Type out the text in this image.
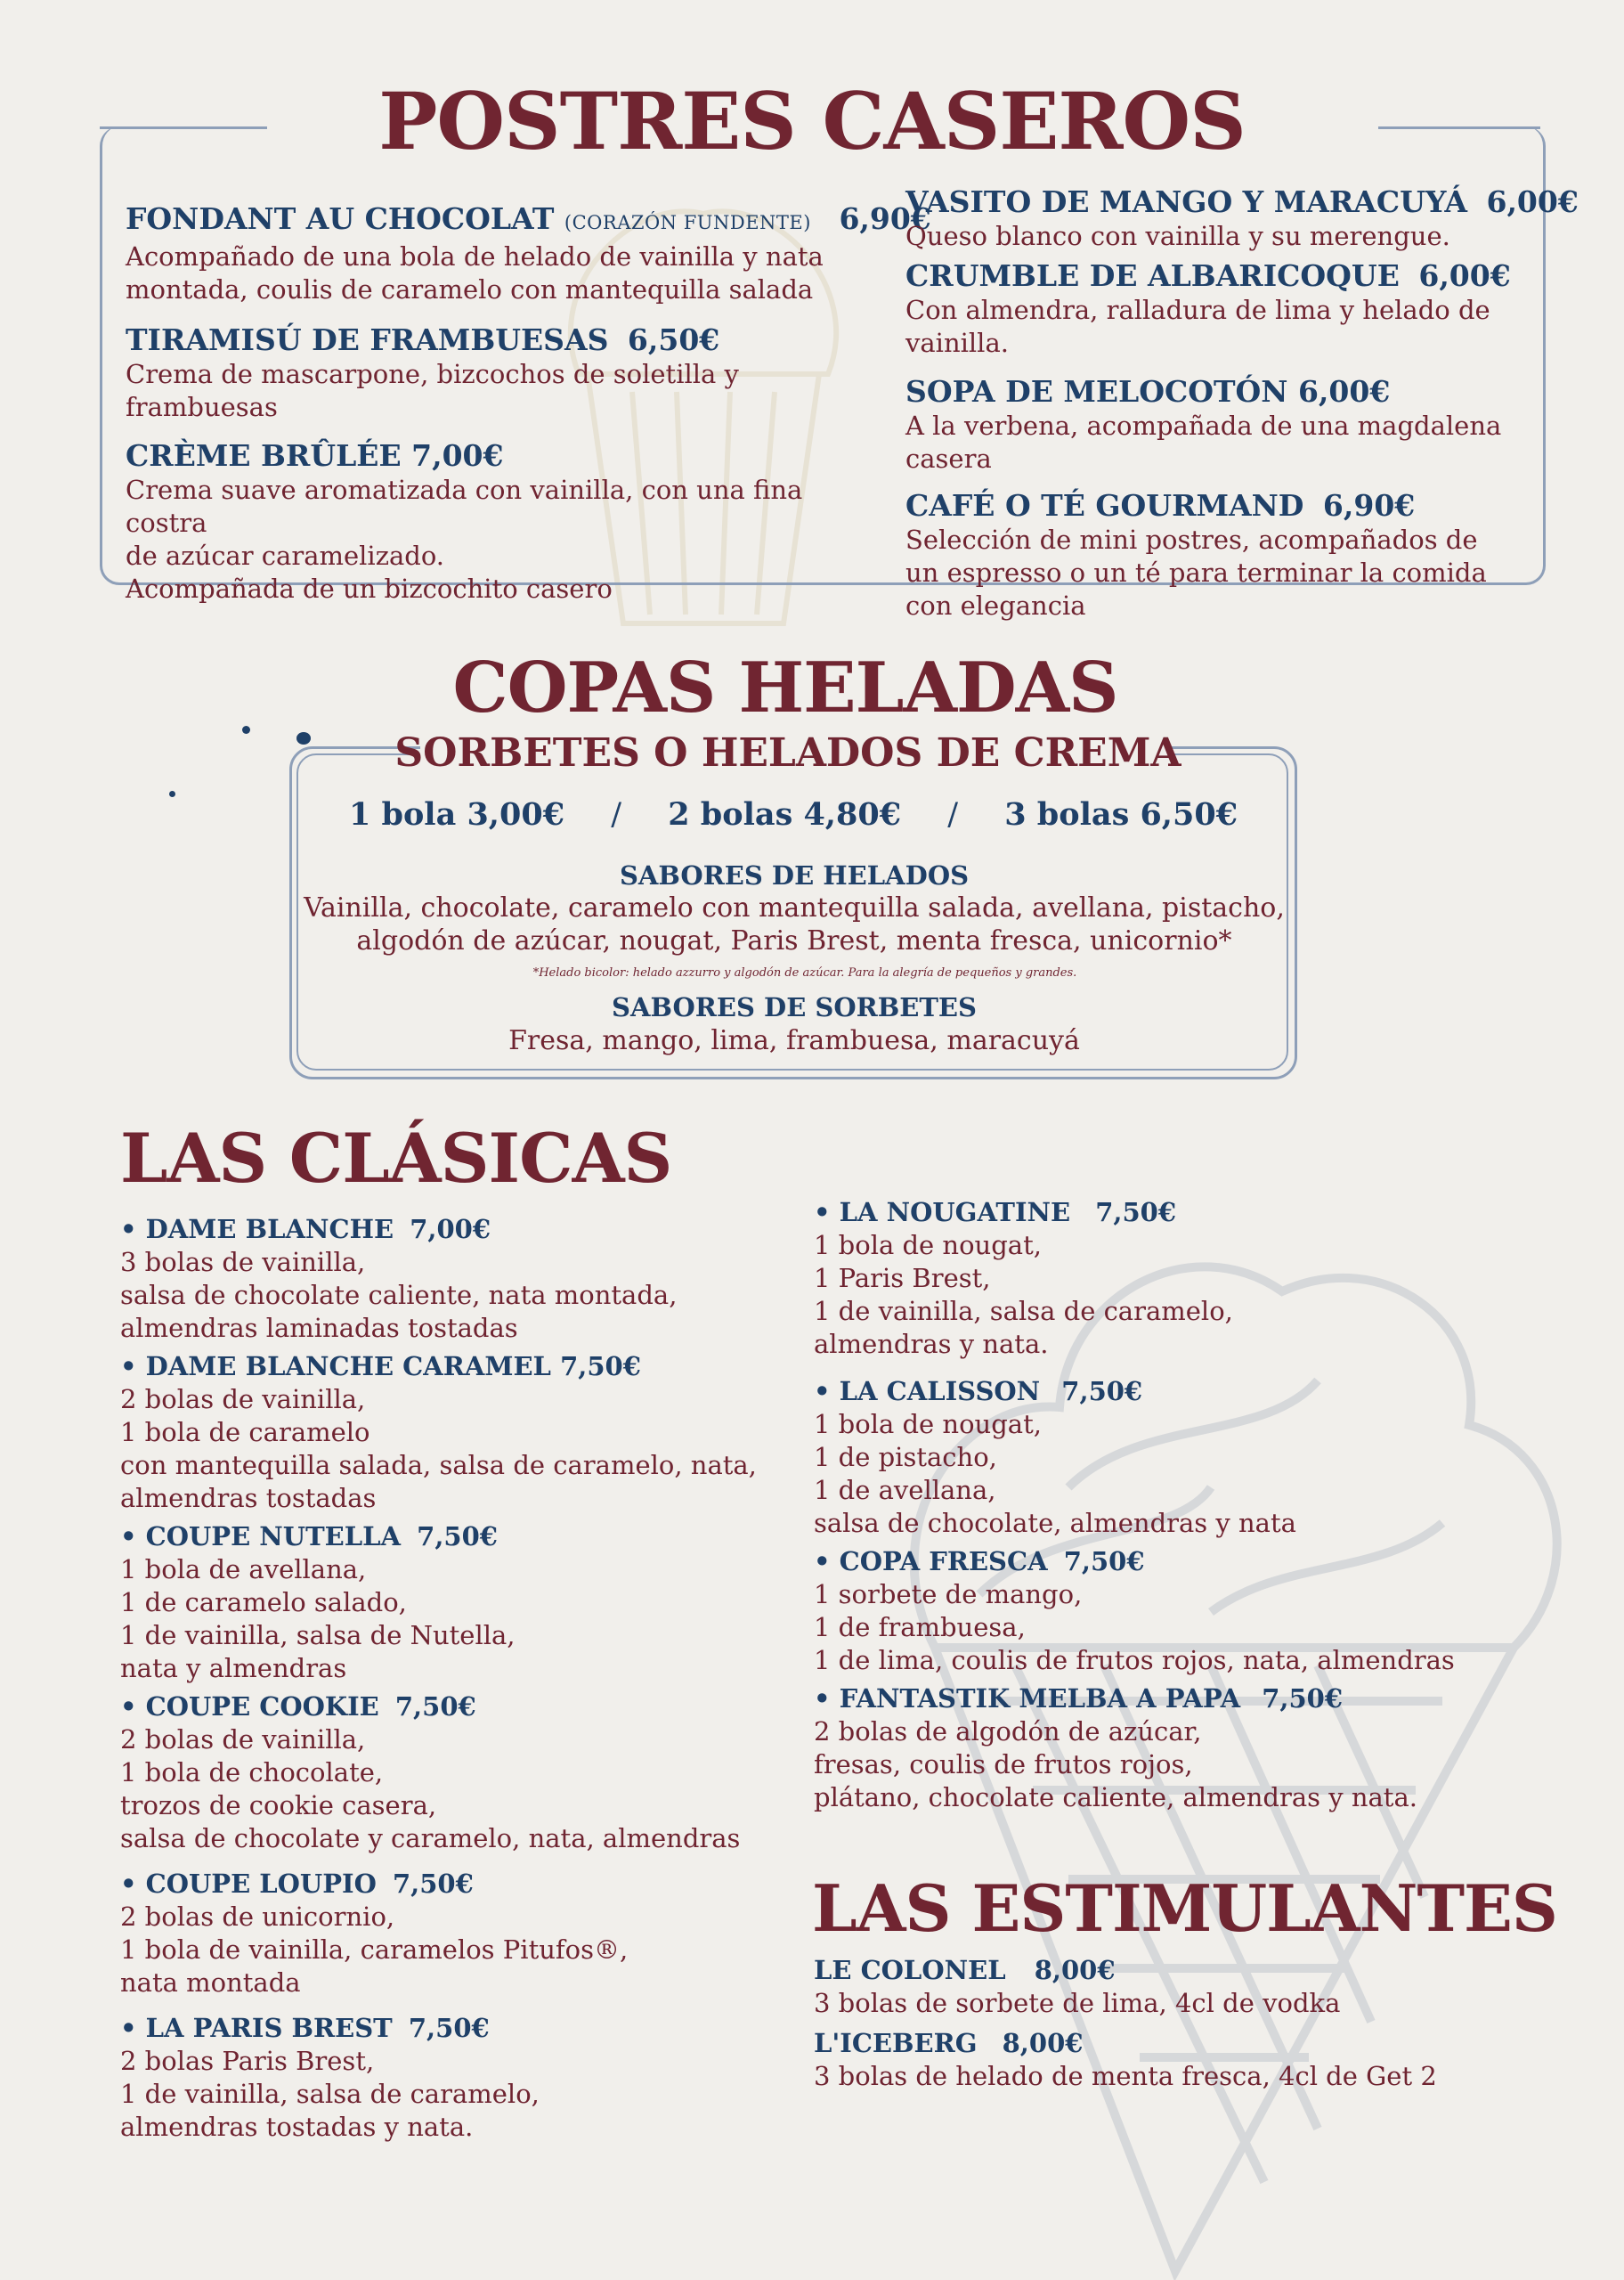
POSTRES CASEROS
FONDANT AU CHOCOLAT (CORAZÓN FUNDENTE) 6,90€
Acompañado de una bola de helado de vainilla y nata
montada, coulis de caramelo con mantequilla salada
TIRAMISÚ DE FRAMBUESAS 6,50€
Crema de mascarpone, bizcochos de soletilla y frambuesas
CRÈME BRÛLÉE 7,00€
Crema suave aromatizada con vainilla, con una fina costra
de azúcar caramelizado.
Acompañada de un bizcochito casero
VASITO DE MANGO Y MARACUYÁ 6,00€
Queso blanco con vainilla y su merengue.
CRUMBLE DE ALBARICOQUE 6,00€
Con almendra, ralladura de lima y helado de
vainilla.
SOPA DE MELOCOTÓN 6,00€
A la verbena, acompañada de una magdalena
casera
CAFÉ O TÉ GOURMAND 6,90€
Selección de mini postres, acompañados de
un espresso o un té para terminar la comida
con elegancia
COPAS HELADAS
SORBETES O HELADOS DE CREMA
1 bola 3,00€ / 2 bolas 4,80€ / 3 bolas 6,50€
SABORES DE HELADOS
Vainilla, chocolate, caramelo con mantequilla salada, avellana, pistacho,
algodón de azúcar, nougat, Paris Brest, menta fresca, unicornio*
*Helado bicolor: helado azzurro y algodón de azúcar. Para la alegría de pequeños y grandes.
SABORES DE SORBETES
Fresa, mango, lima, frambuesa, maracuyá
LAS CLÁSICAS
• DAME BLANCHE 7,00€
3 bolas de vainilla,
salsa de chocolate caliente, nata montada,
almendras laminadas tostadas
• DAME BLANCHE CARAMEL 7,50€
2 bolas de vainilla,
1 bola de caramelo
con mantequilla salada, salsa de caramelo, nata,
almendras tostadas
• COUPE NUTELLA 7,50€
1 bola de avellana,
1 de caramelo salado,
1 de vainilla, salsa de Nutella,
nata y almendras
• COUPE COOKIE 7,50€
2 bolas de vainilla,
1 bola de chocolate,
trozos de cookie casera,
salsa de chocolate y caramelo, nata, almendras
• COUPE LOUPIO 7,50€
2 bolas de unicornio,
1 bola de vainilla, caramelos Pitufos®,
nata montada
• LA PARIS BREST 7,50€
2 bolas Paris Brest,
1 de vainilla, salsa de caramelo,
almendras tostadas y nata.
• LA NOUGATINE 7,50€
1 bola de nougat,
1 Paris Brest,
1 de vainilla, salsa de caramelo,
almendras y nata.
• LA CALISSON 7,50€
1 bola de nougat,
1 de pistacho,
1 de avellana,
salsa de chocolate, almendras y nata
• COPA FRESCA 7,50€
1 sorbete de mango,
1 de frambuesa,
1 de lima, coulis de frutos rojos, nata, almendras
• FANTASTIK MELBA A PAPA 7,50€
2 bolas de algodón de azúcar,
fresas, coulis de frutos rojos,
plátano, chocolate caliente, almendras y nata.
LAS ESTIMULANTES
LE COLONEL 8,00€
3 bolas de sorbete de lima, 4cl de vodka
L'ICEBERG 8,00€
3 bolas de helado de menta fresca, 4cl de Get 2
